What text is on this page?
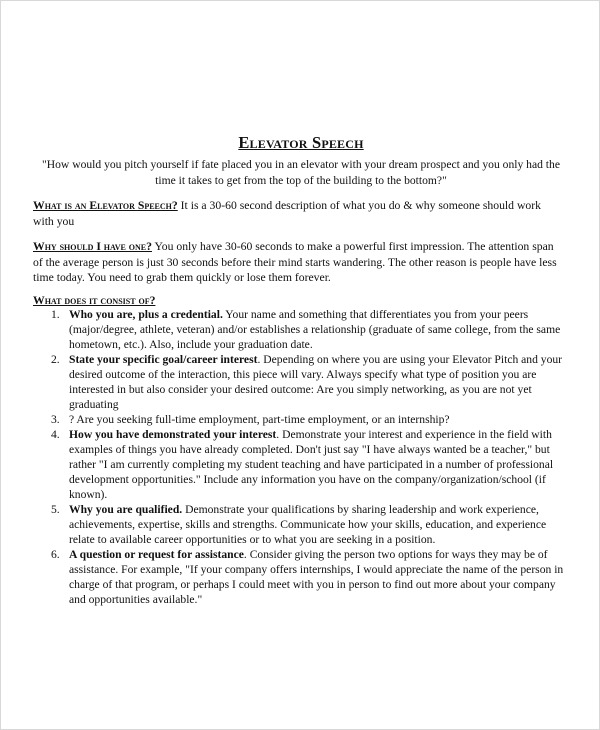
Elevator Speech
"How would you pitch yourself if fate placed you in an elevator with your dream prospect and you only had the time it takes to get from the top of the building to the bottom?"
What is an Elevator Speech? It is a 30-60 second description of what you do & why someone should work with you
Why should I have one? You only have 30-60 seconds to make a powerful first impression. The attention span of the average person is just 30 seconds before their mind starts wandering. The other reason is people have less time today. You need to grab them quickly or lose them forever.
What does it consist of?
1. Who you are, plus a credential. Your name and something that differentiates you from your peers (major/degree, athlete, veteran) and/or establishes a relationship (graduate of same college, from the same hometown, etc.). Also, include your graduation date.
2. State your specific goal/career interest. Depending on where you are using your Elevator Pitch and your desired outcome of the interaction, this piece will vary. Always specify what type of position you are interested in but also consider your desired outcome: Are you simply networking, as you are not yet graduating
3. ? Are you seeking full-time employment, part-time employment, or an internship?
4. How you have demonstrated your interest. Demonstrate your interest and experience in the field with examples of things you have already completed. Don't just say "I have always wanted be a teacher," but rather "I am currently completing my student teaching and have participated in a number of professional development opportunities." Include any information you have on the company/organization/school (if known).
5. Why you are qualified. Demonstrate your qualifications by sharing leadership and work experience, achievements, expertise, skills and strengths. Communicate how your skills, education, and experience relate to available career opportunities or to what you are seeking in a position.
6. A question or request for assistance. Consider giving the person two options for ways they may be of assistance. For example, "If your company offers internships, I would appreciate the name of the person in charge of that program, or perhaps I could meet with you in person to find out more about your company and opportunities available."
